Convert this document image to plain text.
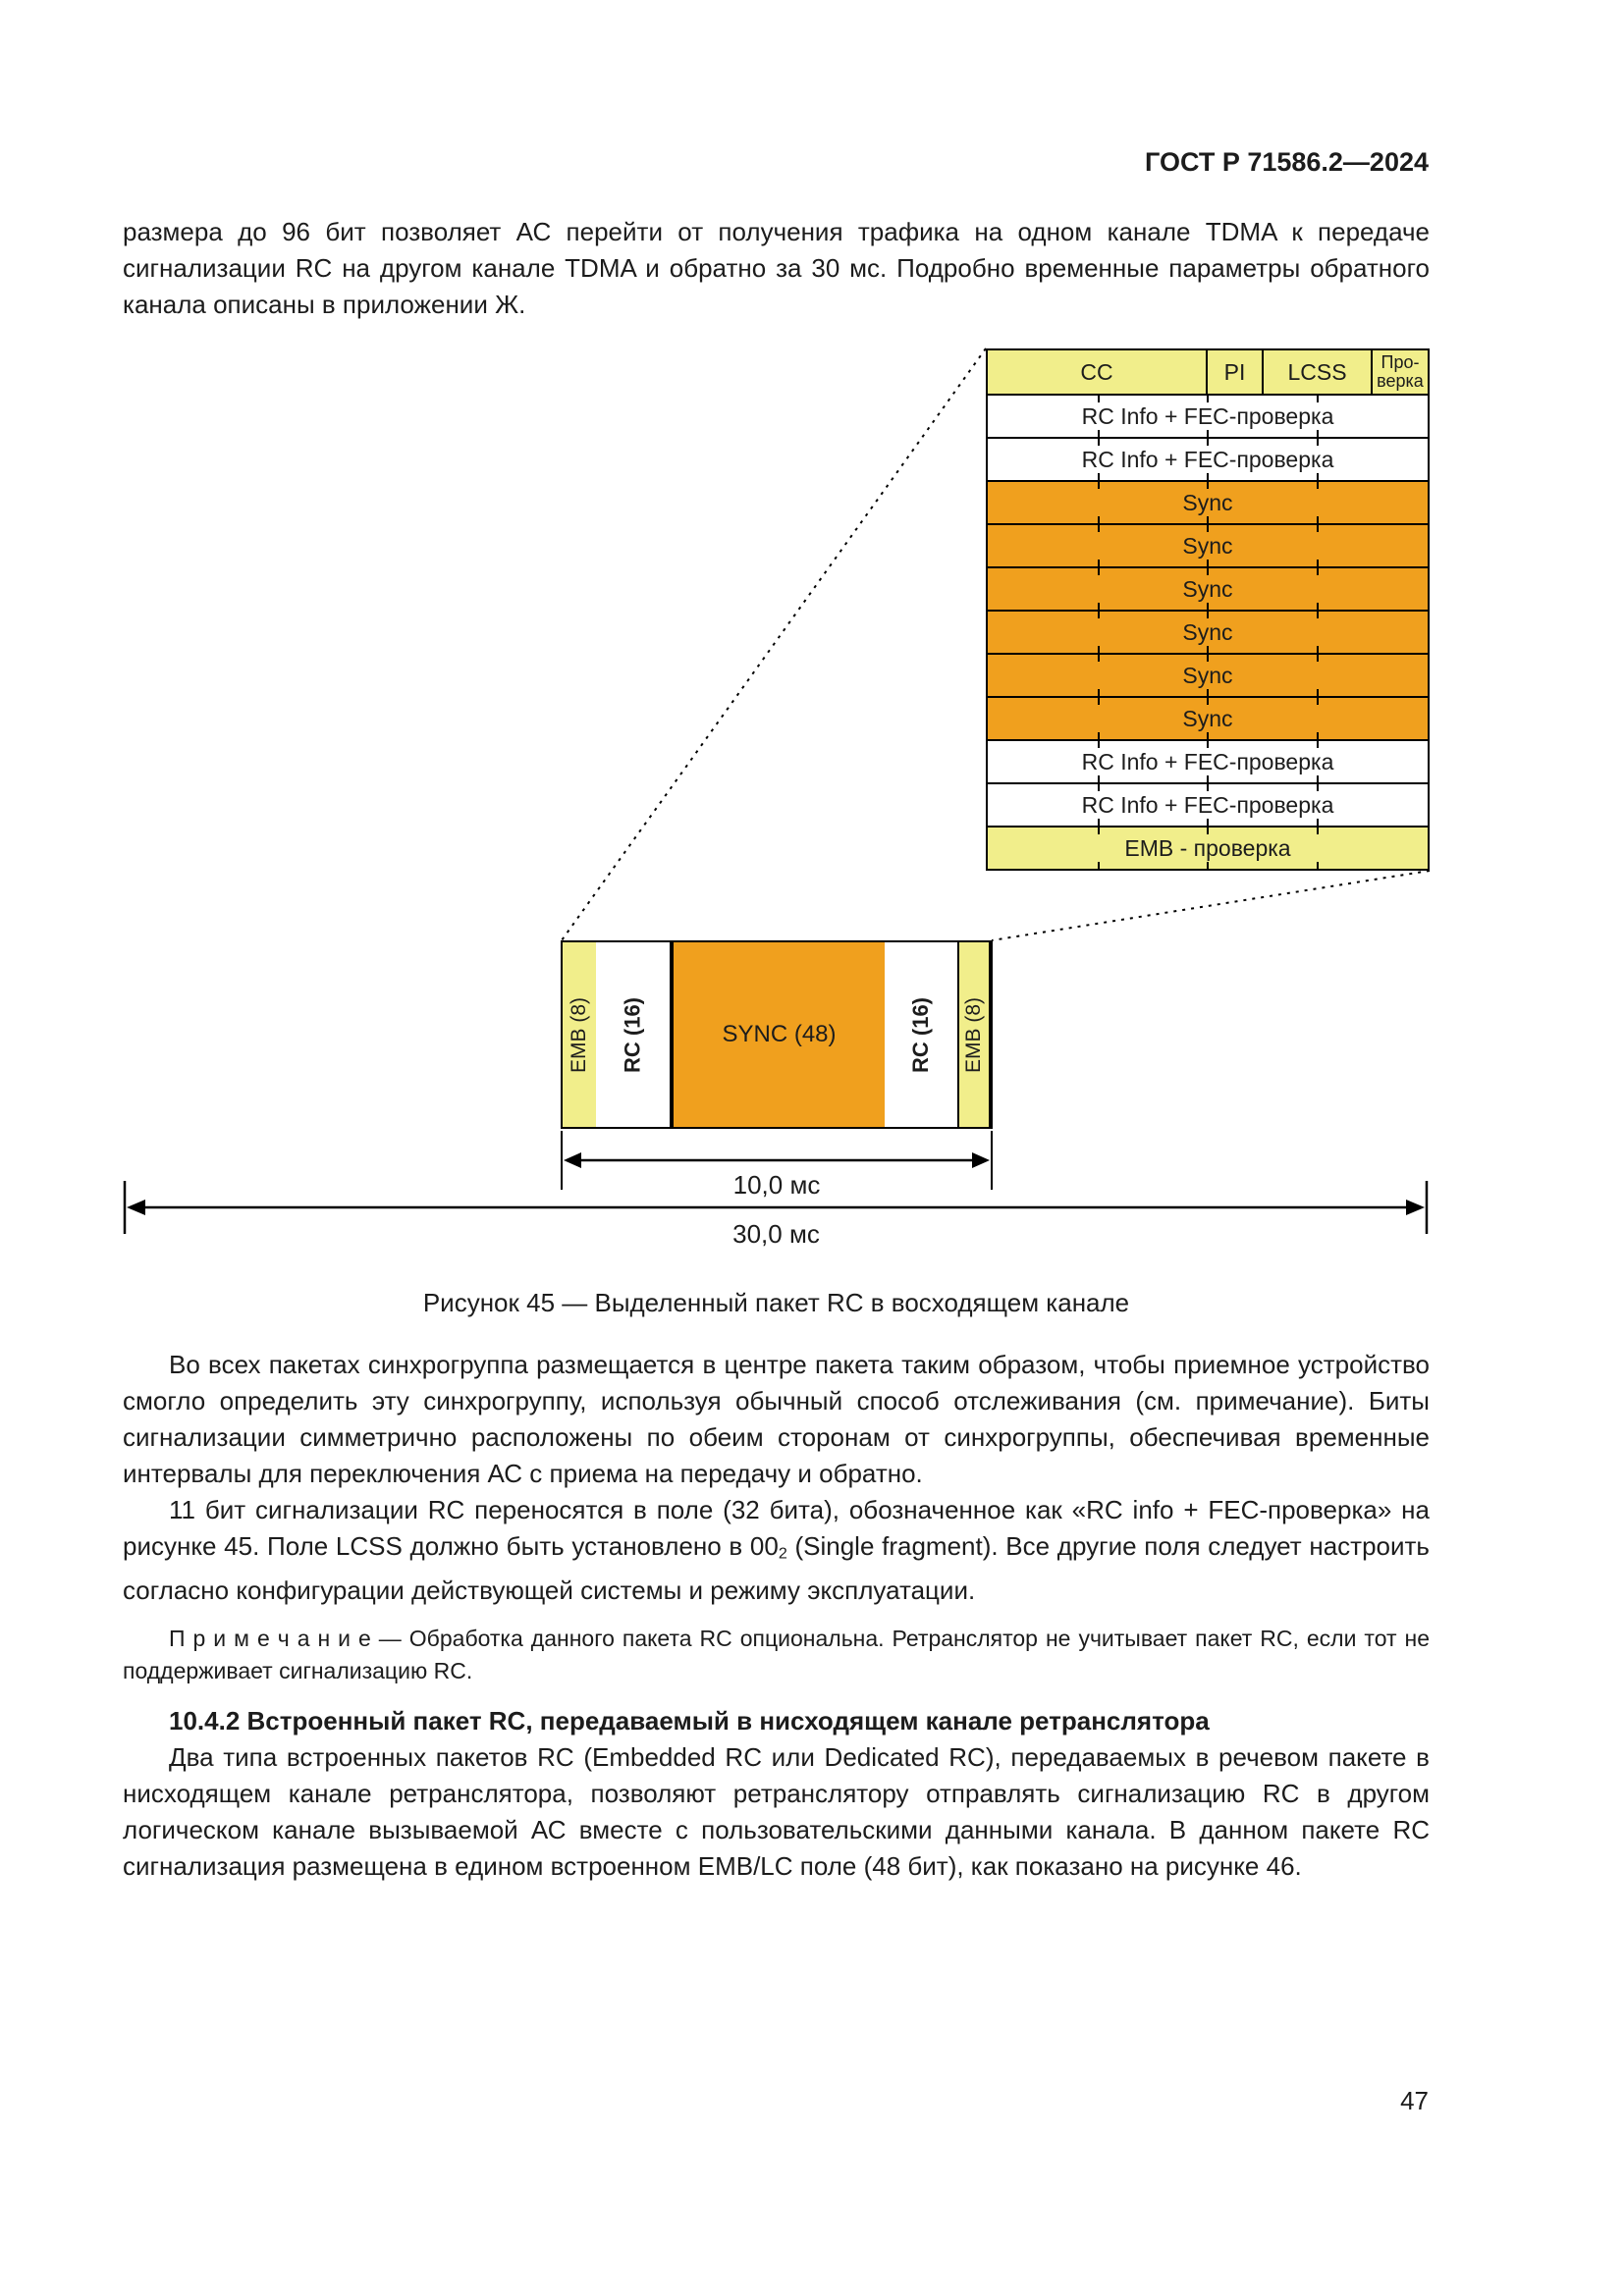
ГОСТ Р 71586.2—2024

размера до 96 бит позволяет АС перейти от получения трафика на одном канале TDMA к передаче сигнализации RC на другом канале TDMA и обратно за 30 мс. Подробно временные параметры обратного канала описаны в приложении Ж.

CC	PI	LCSS	Про-верка
RC Info + FEC-проверка
RC Info + FEC-проверка
Sync
Sync
Sync
Sync
Sync
Sync
RC Info + FEC-проверка
RC Info + FEC-проверка
EMB - проверка
EMB (8)	RC (16)	SYNC (48)	RC (16)	EMB (8)
10,0 мс
30,0 мс
Рисунок 45 — Выделенный пакет RC в восходящем канале

Во всех пакетах синхрогруппа размещается в центре пакета таким образом, чтобы приемное устройство смогло определить эту синхрогруппу, используя обычный способ отслеживания (см. примечание). Биты сигнализации симметрично расположены по обеим сторонам от синхрогруппы, обеспечивая временные интервалы для переключения АС с приема на передачу и обратно.

11 бит сигнализации RC переносятся в поле (32 бита), обозначенное как «RC info + FEC-проверка» на рисунке 45. Поле LCSS должно быть установлено в $00_2$ (Single fragment). Все другие поля следует настроить согласно конфигурации действующей системы и режиму эксплуатации.

П р и м е ч а н и е — Обработка данного пакета RC опциональна. Ретранслятор не учитывает пакет RC, если тот не поддерживает сигнализацию RC.

10.4.2 Встроенный пакет RC, передаваемый в нисходящем канале ретранслятора

Два типа встроенных пакетов RC (Embedded RC или Dedicated RC), передаваемых в речевом пакете в нисходящем канале ретранслятора, позволяют ретранслятору отправлять сигнализацию RC в другом логическом канале вызываемой АС вместе с пользовательскими данными канала. В данном пакете RC сигнализация размещена в едином встроенном EMB/LC поле (48 бит), как показано на рисунке 46.

47
